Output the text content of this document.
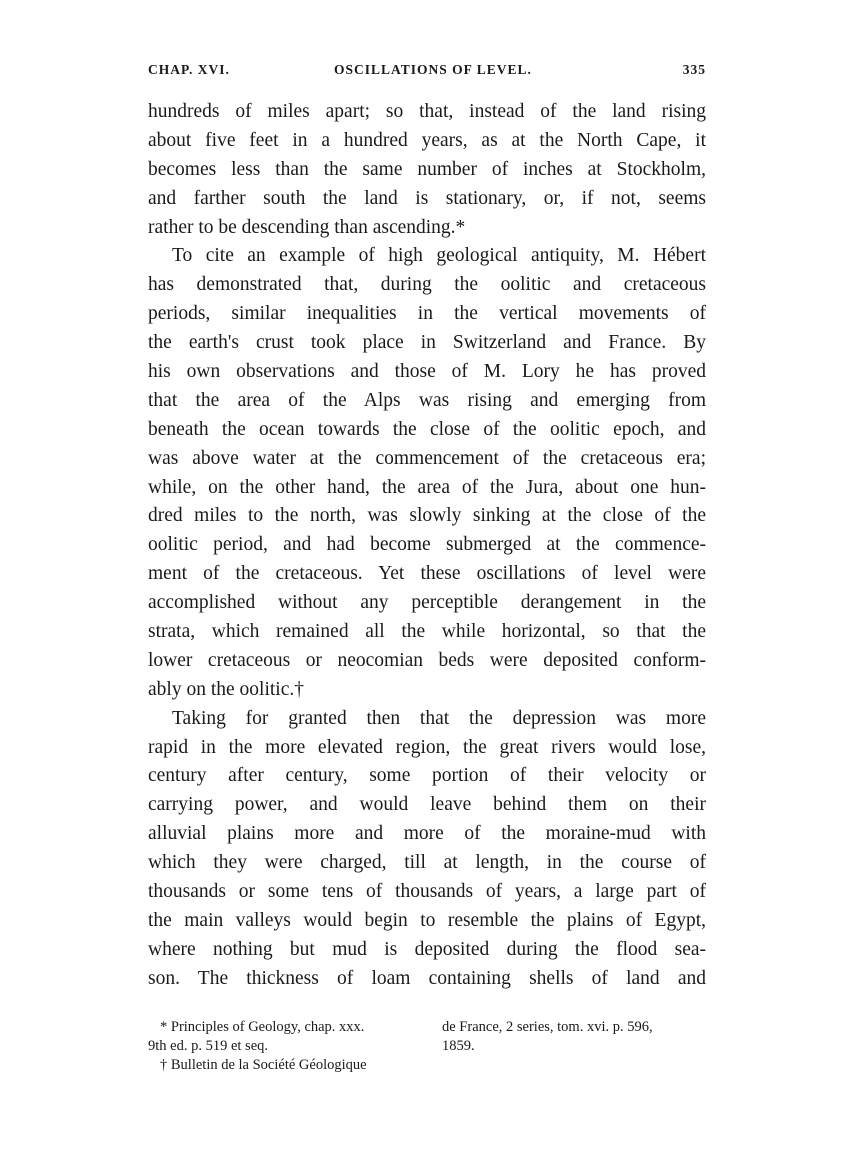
CHAP. XVI.	OSCILLATIONS OF LEVEL.	335
hundreds of miles apart; so that, instead of the land rising
about five feet in a hundred years, as at the North Cape, it
becomes less than the same number of inches at Stockholm,
and farther south the land is stationary, or, if not, seems
rather to be descending than ascending.*
To cite an example of high geological antiquity, M. Hébert
has demonstrated that, during the oolitic and cretaceous
periods, similar inequalities in the vertical movements of
the earth's crust took place in Switzerland and France. By
his own observations and those of M. Lory he has proved
that the area of the Alps was rising and emerging from
beneath the ocean towards the close of the oolitic epoch, and
was above water at the commencement of the cretaceous era;
while, on the other hand, the area of the Jura, about one hun-
dred miles to the north, was slowly sinking at the close of the
oolitic period, and had become submerged at the commence-
ment of the cretaceous. Yet these oscillations of level were
accomplished without any perceptible derangement in the
strata, which remained all the while horizontal, so that the
lower cretaceous or neocomian beds were deposited conform-
ably on the oolitic.†
Taking for granted then that the depression was more
rapid in the more elevated region, the great rivers would lose,
century after century, some portion of their velocity or
carrying power, and would leave behind them on their
alluvial plains more and more of the moraine-mud with
which they were charged, till at length, in the course of
thousands or some tens of thousands of years, a large part of
the main valleys would begin to resemble the plains of Egypt,
where nothing but mud is deposited during the flood sea-
son. The thickness of loam containing shells of land and
* Principles of Geology, chap. xxx.
9th ed. p. 519 et seq.
† Bulletin de la Société Géologique
de France, 2 series, tom. xvi. p. 596,
1859.
